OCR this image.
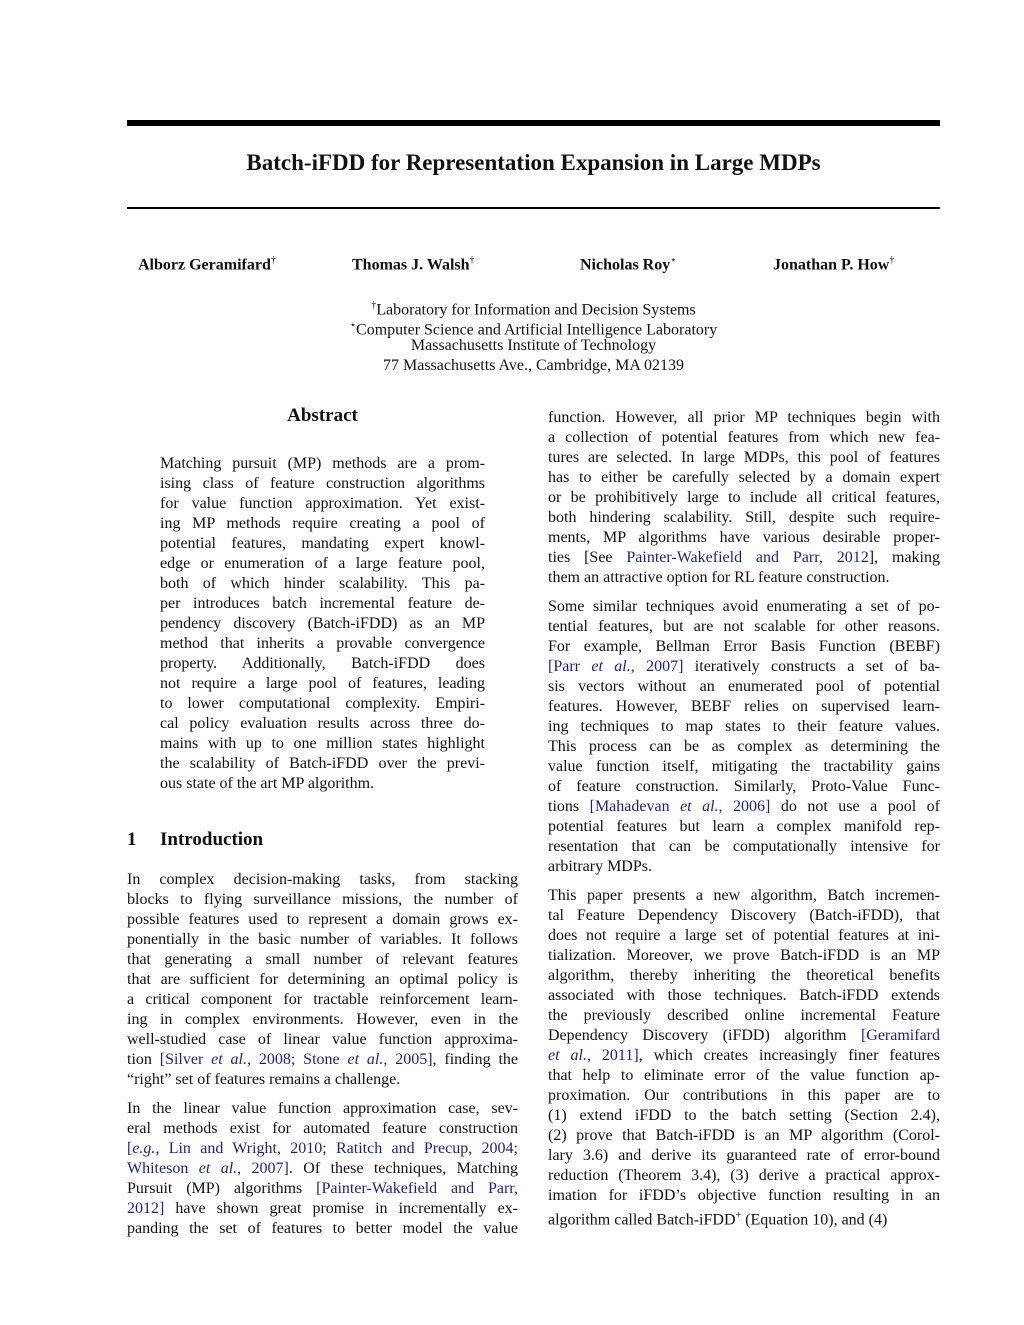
Batch-iFDD for Representation Expansion in Large MDPs
Alborz Geramifard†	Thomas J. Walsh†	Nicholas Roy⋆	Jonathan P. How†
†Laboratory for Information and Decision Systems
⋆Computer Science and Artificial Intelligence Laboratory
Massachusetts Institute of Technology
77 Massachusetts Ave., Cambridge, MA 02139
Abstract
Matching pursuit (MP) methods are a prom-
ising class of feature construction algorithms
for value function approximation. Yet exist-
ing MP methods require creating a pool of
potential features, mandating expert knowl-
edge or enumeration of a large feature pool,
both of which hinder scalability. This pa-
per introduces batch incremental feature de-
pendency discovery (Batch-iFDD) as an MP
method that inherits a provable convergence
property. Additionally, Batch-iFDD does
not require a large pool of features, leading
to lower computational complexity. Empiri-
cal policy evaluation results across three do-
mains with up to one million states highlight
the scalability of Batch-iFDD over the previ-
ous state of the art MP algorithm.
1 Introduction
In complex decision-making tasks, from stacking
blocks to flying surveillance missions, the number of
possible features used to represent a domain grows ex-
ponentially in the basic number of variables. It follows
that generating a small number of relevant features
that are sufficient for determining an optimal policy is
a critical component for tractable reinforcement learn-
ing in complex environments. However, even in the
well-studied case of linear value function approxima-
tion [Silver et al., 2008; Stone et al., 2005], finding the
“right” set of features remains a challenge.
In the linear value function approximation case, sev-
eral methods exist for automated feature construction
[e.g., Lin and Wright, 2010; Ratitch and Precup, 2004;
Whiteson et al., 2007]. Of these techniques, Matching
Pursuit (MP) algorithms [Painter-Wakefield and Parr,
2012] have shown great promise in incrementally ex-
panding the set of features to better model the value
function. However, all prior MP techniques begin with
a collection of potential features from which new fea-
tures are selected. In large MDPs, this pool of features
has to either be carefully selected by a domain expert
or be prohibitively large to include all critical features,
both hindering scalability. Still, despite such require-
ments, MP algorithms have various desirable proper-
ties [See Painter-Wakefield and Parr, 2012], making
them an attractive option for RL feature construction.
Some similar techniques avoid enumerating a set of po-
tential features, but are not scalable for other reasons.
For example, Bellman Error Basis Function (BEBF)
[Parr et al., 2007] iteratively constructs a set of ba-
sis vectors without an enumerated pool of potential
features. However, BEBF relies on supervised learn-
ing techniques to map states to their feature values.
This process can be as complex as determining the
value function itself, mitigating the tractability gains
of feature construction. Similarly, Proto-Value Func-
tions [Mahadevan et al., 2006] do not use a pool of
potential features but learn a complex manifold rep-
resentation that can be computationally intensive for
arbitrary MDPs.
This paper presents a new algorithm, Batch incremen-
tal Feature Dependency Discovery (Batch-iFDD), that
does not require a large set of potential features at ini-
tialization. Moreover, we prove Batch-iFDD is an MP
algorithm, thereby inheriting the theoretical benefits
associated with those techniques. Batch-iFDD extends
the previously described online incremental Feature
Dependency Discovery (iFDD) algorithm [Geramifard
et al., 2011], which creates increasingly finer features
that help to eliminate error of the value function ap-
proximation. Our contributions in this paper are to
(1) extend iFDD to the batch setting (Section 2.4),
(2) prove that Batch-iFDD is an MP algorithm (Corol-
lary 3.6) and derive its guaranteed rate of error-bound
reduction (Theorem 3.4), (3) derive a practical approx-
imation for iFDD’s objective function resulting in an
algorithm called Batch-iFDD+ (Equation 10), and (4)
